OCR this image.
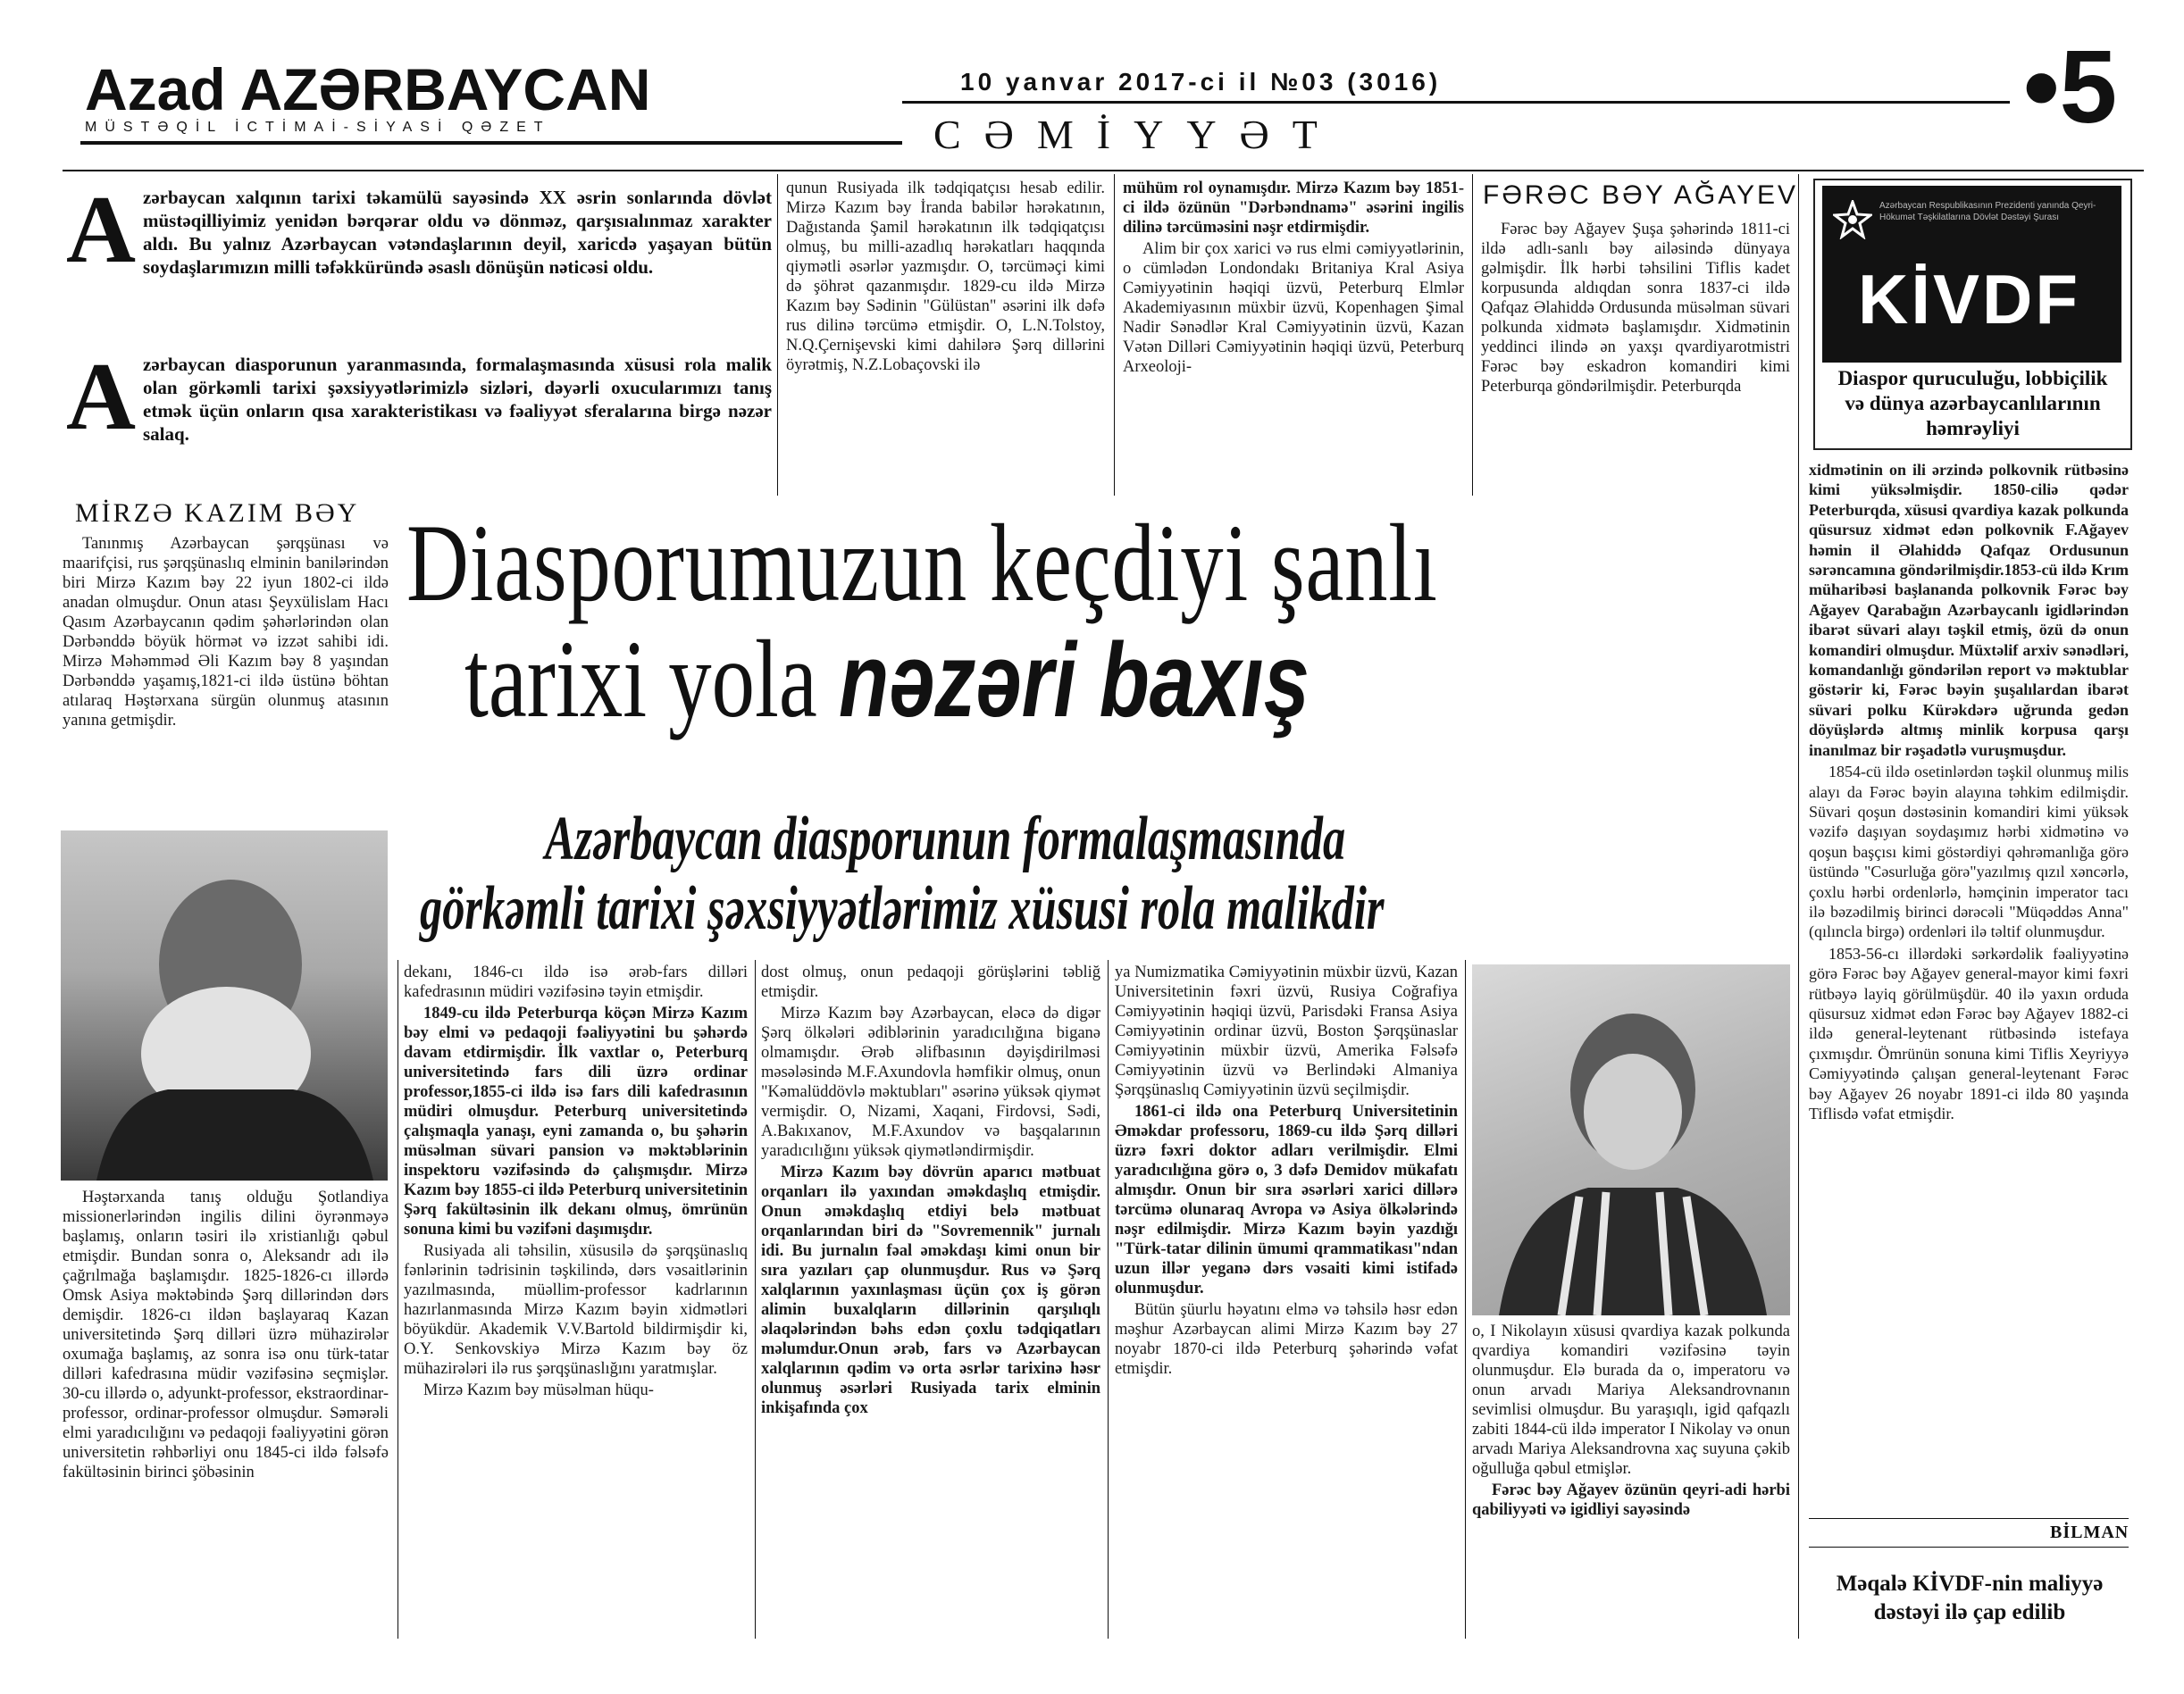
Azad AZƏRBAYCAN
MÜSTƏQİL İCTİMAİ-SİYASİ QƏZET
10 yanvar 2017-ci il №03 (3016)
CƏMİYYƏT	•5
Azərbaycan xalqının tarixi təkamülü sayəsində XX əsrin sonlarında dövlət müstəqilliyimiz yenidən bərqərar oldu və dönməz, qarşısıalınmaz xarakter aldı. Bu yalnız Azərbaycan vətəndaşlarının deyil, xaricdə yaşayan bütün soydaşlarımızın milli təfəkküründə əsaslı dönüşün nəticəsi oldu.
Azərbaycan diasporunun yaranmasında, formalaşmasında xüsusi rola malik olan görkəmli tarixi şəxsiyyətlərimizlə sizləri, dəyərli oxucularımızı tanış etmək üçün onların qısa xarakteristikası və fəaliyyət sferalarına birgə nəzər salaq.

qunun Rusiyada ilk tədqiqatçısı hesab edilir. Mirzə Kazım bəy İranda babilər hərəkatının, Dağıstanda Şamil hərəkatının ilk tədqiqatçısı olmuş, bu milli-azadlıq hərəkatları haqqında qiymətli əsərlər yazmışdır. O, tərcüməçi kimi də şöhrət qazanmışdır. 1829-cu ildə Mirzə Kazım bəy Sədinin "Gülüstan" əsərini ilk dəfə rus dilinə tərcümə etmişdir. O, L.N.Tolstoy, N.Q.Çernişevski kimi dahilərə Şərq dillərini öyrətmiş, N.Z.Lobaçovski ilə

mühüm rol oynamışdır. Mirzə Kazım bəy 1851-ci ildə özünün "Dərbəndnamə" əsərini ingilis dilinə tərcüməsini nəşr etdirmişdir.

Alim bir çox xarici və rus elmi cəmiyyətlərinin, o cümlədən Londondakı Britaniya Kral Asiya Cəmiyyətinin həqiqi üzvü, Peterburq Elmlər Akademiyasının müxbir üzvü, Kopenhagen Şimal Nadir Sənədlər Kral Cəmiyyətinin üzvü, Kazan Vətən Dilləri Cəmiyyətinin həqiqi üzvü, Peterburq Arxeoloji-

FƏRƏC BƏY AĞAYEV

Fərəc bəy Ağayev Şuşa şəhərində 1811-ci ildə adlı-sanlı bəy ailəsində dünyaya gəlmişdir. İlk hərbi təhsilini Tiflis kadet korpusunda aldıqdan sonra 1837-ci ildə Qafqaz Əlahiddə Ordusunda müsəlman süvari polkunda xidmətə başlamışdır. Xidmətinin yeddinci ilində ən yaxşı qvardiyarotmistri Fərəc bəy eskadron komandiri kimi Peterburqa göndərilmişdir. Peterburqda

Azərbaycan Respublikasının Prezidenti yanında Qeyri-Hökumət Təşkilatlarına Dövlət Dəstəyi Şurası
KİVDF
Diaspor quruculuğu, lobbiçilik və dünya azərbaycanlılarının həmrəyliyi

xidmətinin on ili ərzində polkovnik rütbəsinə kimi yüksəlmişdir. 1850-ciliə qədər Peterburqda, xüsusi qvardiya kazak polkunda qüsursuz xidmət edən polkovnik F.Ağayev həmin il Əlahiddə Qafqaz Ordusunun sərəncamına göndərilmişdir.1853-cü ildə Krım müharibəsi başlananda polkovnik Fərəc bəy Ağayev Qarabağın Azərbaycanlı igidlərindən ibarət süvari alayı təşkil etmiş, özü də onun komandiri olmuşdur. Müxtəlif arxiv sənədləri, komandanlığı göndərilən report və məktublar göstərir ki, Fərəc bəyin şuşalılardan ibarət süvari polku Kürəkdərə uğrunda gedən döyüşlərdə altmış minlik korpusa qarşı inanılmaz bir rəşadətlə vuruşmuşdur.

1854-cü ildə osetinlərdən təşkil olunmuş milis alayı da Fərəc bəyin alayına təhkim edilmişdir. Süvari qoşun dəstəsinin komandiri kimi yüksək vəzifə daşıyan soydaşımız hərbi xidmətinə və qoşun başçısı kimi göstərdiyi qəhrəmanlığa görə üstündə "Cəsurluğa görə"yazılmış qızıl xəncərlə, çoxlu hərbi ordenlərlə, həmçinin imperator tacı ilə bəzədilmiş birinci dərəcəli "Müqəddəs Anna" (qılıncla birgə) ordenləri ilə təltif olunmuşdur.

1853-56-cı illərdəki sərkərdəlik fəaliyyətinə görə Fərəc bəy Ağayev general-mayor kimi fəxri rütbəyə layiq görülmüşdür. 40 ilə yaxın orduda qüsursuz xidmət edən Fərəc bəy Ağayev 1882-ci ildə general-leytenant rütbəsində istefaya çıxmışdır. Ömrünün sonuna kimi Tiflis Xeyriyyə Cəmiyyətində çalışan general-leytenant Fərəc bəy Ağayev 26 noyabr 1891-ci ildə 80 yaşında Tiflisdə vəfat etmişdir.

BİLMAN
Məqalə KİVDF-nin maliyyə dəstəyi ilə çap edilib
MİRZƏ KAZIM BƏY

Tanınmış Azərbaycan şərqşünası və maarifçisi, rus şərqşünaslıq elminin banilərindən biri Mirzə Kazım bəy 22 iyun 1802-ci ildə anadan olmuşdur. Onun atası Şeyxülislam Hacı Qasım Azərbaycanın qədim şəhərlərindən olan Dərbənddə böyük hörmət və izzət sahibi idi. Mirzə Məhəmməd Əli Kazım bəy 8 yaşından Dərbənddə yaşamış,1821-ci ildə üstünə böhtan atılaraq Həştərxana sürgün olunmuş atasının yanına getmişdir.

Həştərxanda tanış olduğu Şotlandiya missionerlərindən ingilis dilini öyrənməyə başlamış, onların təsiri ilə xristianlığı qəbul etmişdir. Bundan sonra o, Aleksandr adı ilə çağrılmağa başlamışdır. 1825-1826-cı illərdə Omsk Asiya məktəbində Şərq dillərindən dərs demişdir. 1826-cı ildən başlayaraq Kazan universitetində Şərq dilləri üzrə mühazirələr oxumağa başlamış, az sonra isə onu türk-tatar dilləri kafedrasına müdir vəzifəsinə seçmişlər. 30-cu illərdə o, adyunkt-professor, ekstraordinar-professor, ordinar-professor olmuşdur. Səmərəli elmi yaradıcılığını və pedaqoji fəaliyyətini görən universitetin rəhbərliyi onu 1845-ci ildə fəlsəfə fakültəsinin birinci şöbəsinin

Diasporumuzun keçdiyi şanlı
tarixi yola nəzəri baxış
Azərbaycan diasporunun formalaşmasında
görkəmli tarixi şəxsiyyətlərimiz xüsusi rola malikdir

dekanı, 1846-cı ildə isə ərəb-fars dilləri kafedrasının müdiri vəzifəsinə təyin etmişdir.

1849-cu ildə Peterburqa köçən Mirzə Kazım bəy elmi və pedaqoji fəaliyyətini bu şəhərdə davam etdirmişdir. İlk vaxtlar o, Peterburq universitetində fars dili üzrə ordinar professor,1855-ci ildə isə fars dili kafedrasının müdiri olmuşdur. Peterburq universitetində çalışmaqla yanaşı, eyni zamanda o, bu şəhərin müsəlman süvari pansion və məktəblərinin inspektoru vəzifəsində də çalışmışdır. Mirzə Kazım bəy 1855-ci ildə Peterburq universitetinin Şərq fakültəsinin ilk dekanı olmuş, ömrünün sonuna kimi bu vəzifəni daşımışdır.

Rusiyada ali təhsilin, xüsusilə də şərqşünaslıq fənlərinin tədrisinin təşkilində, dərs vəsaitlərinin yazılmasında, müəllim-professor kadrlarının hazırlanmasında Mirzə Kazım bəyin xidmətləri böyükdür. Akademik V.V.Bartold bildirmişdir ki, O.Y. Senkovskiyə Mirzə Kazım bəy öz mühazirələri ilə rus şərqşünaslığını yaratmışlar.

Mirzə Kazım bəy müsəlman hüqu-

dost olmuş, onun pedaqoji görüşlərini təbliğ etmişdir.

Mirzə Kazım bəy Azərbaycan, eləcə də digər Şərq ölkələri ədiblərinin yaradıcılığına biganə olmamışdır. Ərəb əlifbasının dəyişdirilməsi məsələsində M.F.Axundovla həmfikir olmuş, onun "Kəmalüddövlə məktubları" əsərinə yüksək qiymət vermişdir. O, Nizami, Xaqani, Firdovsi, Sədi, A.Bakıxanov, M.F.Axundov və başqalarının yaradıcılığını yüksək qiymətləndirmişdir.

Mirzə Kazım bəy dövrün aparıcı mətbuat orqanları ilə yaxından əməkdaşlıq etmişdir. Onun əməkdaşlıq etdiyi belə mətbuat orqanlarından biri də "Sovremennik" jurnalı idi. Bu jurnalın fəal əməkdaşı kimi onun bir sıra yazıları çap olunmuşdur. Rus və Şərq xalqlarının yaxınlaşması üçün çox iş görən alimin buxalqların dillərinin qarşılıqlı əlaqələrindən bəhs edən çoxlu tədqiqatları məlumdur.Onun ərəb, fars və Azərbaycan xalqlarının qədim və orta əsrlər tarixinə həsr olunmuş əsərləri Rusiyada tarix elminin inkişafında çox

ya Numizmatika Cəmiyyətinin müxbir üzvü, Kazan Universitetinin fəxri üzvü, Rusiya Coğrafiya Cəmiyyətinin həqiqi üzvü, Parisdəki Fransa Asiya Cəmiyyətinin ordinar üzvü, Boston Şərqşünaslar Cəmiyyətinin müxbir üzvü, Amerika Fəlsəfə Cəmiyyətinin üzvü və Berlindəki Almaniya Şərqşünaslıq Cəmiyyətinin üzvü seçilmişdir.

1861-ci ildə ona Peterburq Universitetinin Əməkdar professoru, 1869-cu ildə Şərq dilləri üzrə fəxri doktor adları verilmişdir. Elmi yaradıcılığına görə o, 3 dəfə Demidov mükafatı almışdır. Onun bir sıra əsərləri xarici dillərə tərcümə olunaraq Avropa və Asiya ölkələrində nəşr edilmişdir. Mirzə Kazım bəyin yazdığı "Türk-tatar dilinin ümumi qrammatikası"ndan uzun illər yeganə dərs vəsaiti kimi istifadə olunmuşdur.

Bütün şüurlu həyatını elmə və təhsilə həsr edən məşhur Azərbaycan alimi Mirzə Kazım bəy 27 noyabr 1870-ci ildə Peterburq şəhərində vəfat etmişdir.

o, I Nikolayın xüsusi qvardiya kazak polkunda qvardiya komandiri vəzifəsinə təyin olunmuşdur. Elə burada da o, imperatoru və onun arvadı Mariya Aleksandrovnanın sevimlisi olmuşdur. Bu yaraşıqlı, igid qafqazlı zabiti 1844-cü ildə imperator I Nikolay və onun arvadı Mariya Aleksandrovna xaç suyuna çəkib oğulluğa qəbul etmişlər.

Fərəc bəy Ağayev özünün qeyri-adi hərbi qabiliyyəti və igidliyi sayəsində
